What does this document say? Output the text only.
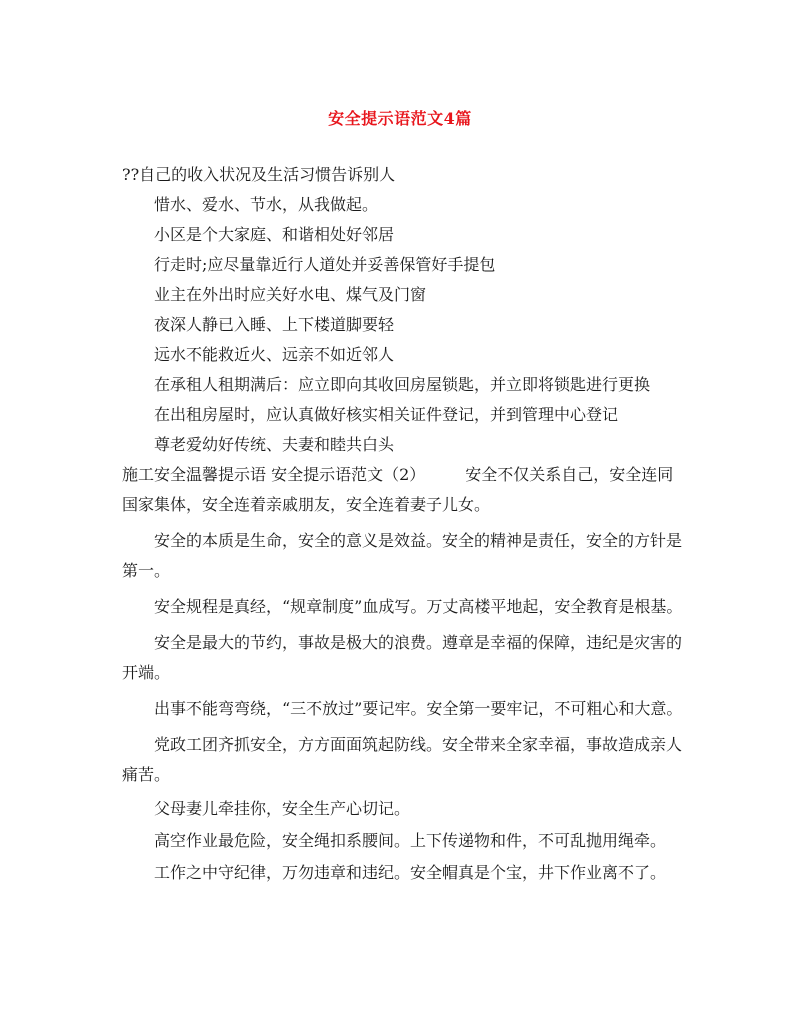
安全提示语范文4篇

??自己的收入状况及生活习惯告诉别人

惜水、爱水、节水，从我做起。

小区是个大家庭、和谐相处好邻居

行走时;应尽量靠近行人道处并妥善保管好手提包

业主在外出时应关好水电、煤气及门窗

夜深人静已入睡、上下楼道脚要轻

远水不能救近火、远亲不如近邻人

在承租人租期满后：应立即向其收回房屋锁匙，并立即将锁匙进行更换

在出租房屋时，应认真做好核实相关证件登记，并到管理中心登记

尊老爱幼好传统、夫妻和睦共白头

施工安全温馨提示语 安全提示语范文（2）　　　安全不仅关系自己，安全连同国家集体，安全连着亲戚朋友，安全连着妻子儿女。

安全的本质是生命，安全的意义是效益。安全的精神是责任，安全的方针是第一。

安全规程是真经，“规章制度”血成写。万丈高楼平地起，安全教育是根基。

安全是最大的节约，事故是极大的浪费。遵章是幸福的保障，违纪是灾害的开端。

出事不能弯弯绕，“三不放过”要记牢。安全第一要牢记，不可粗心和大意。

党政工团齐抓安全，方方面面筑起防线。安全带来全家幸福，事故造成亲人痛苦。

父母妻儿牵挂你，安全生产心切记。

高空作业最危险，安全绳扣系腰间。上下传递物和件，不可乱抛用绳牵。

工作之中守纪律，万勿违章和违纪。安全帽真是个宝，井下作业离不了。
